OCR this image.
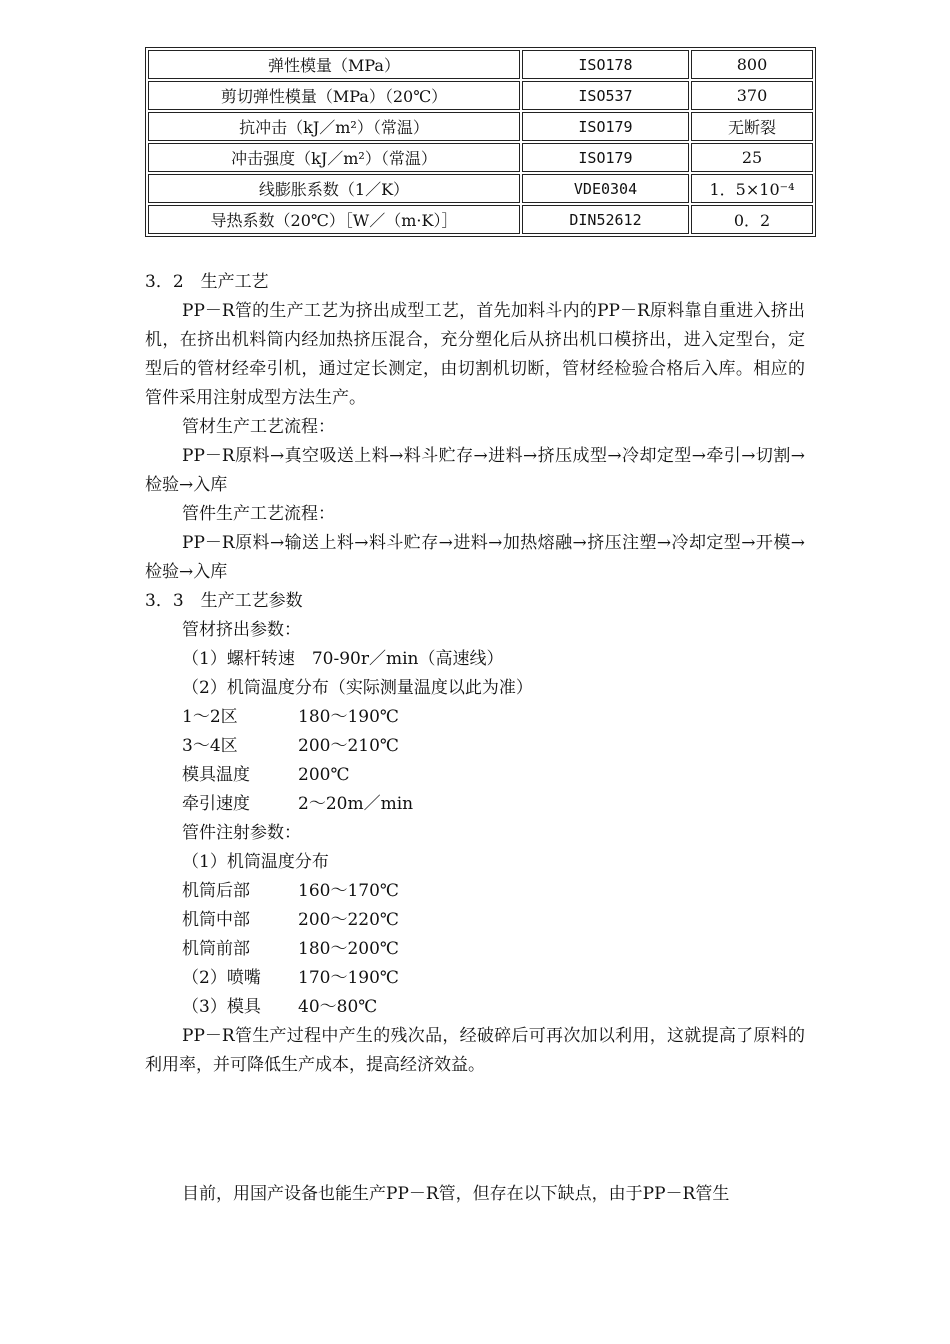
弹性模量（MPa）	ISO178	800
剪切弹性模量（MPa）（20℃）	ISO537	370
抗冲击（kJ／m²）（常温）	ISO179	无断裂
冲击强度（kJ／m²）（常温）	ISO179	25
线膨胀系数（1／K）	VDE0304	1．5×10⁻⁴
导热系数（20℃）［W／（m·K）］	DIN52612	0．2
3．2　生产工艺

PP－R管的生产工艺为挤出成型工艺，首先加料斗内的PP－R原料靠自重进入挤出机，在挤出机料筒内经加热挤压混合，充分塑化后从挤出机口模挤出，进入定型台，定型后的管材经牵引机，通过定长测定，由切割机切断，管材经检验合格后入库。相应的管件采用注射成型方法生产。

管材生产工艺流程：

PP－R原料→真空吸送上料→料斗贮存→进料→挤压成型→冷却定型→牵引→切割→检验→入库

管件生产工艺流程：

PP－R原料→输送上料→料斗贮存→进料→加热熔融→挤压注塑→冷却定型→开模→检验→入库

3．3　生产工艺参数
管材挤出参数：
（1）螺杆转速　70-90r／min（高速线）
（2）机筒温度分布（实际测量温度以此为准）
1～2区	180～190℃
3～4区	200～210℃
模具温度	200℃
牵引速度	2～20m／min
管件注射参数：
（1）机筒温度分布
机筒后部	160～170℃
机筒中部	200～220℃
机筒前部	180～200℃
（2）喷嘴 170～190℃
（3）模具 40～80℃

PP－R管生产过程中产生的残次品，经破碎后可再次加以利用，这就提高了原料的利用率，并可降低生产成本，提高经济效益。

目前，用国产设备也能生产PP－R管，但存在以下缺点，由于PP－R管生
